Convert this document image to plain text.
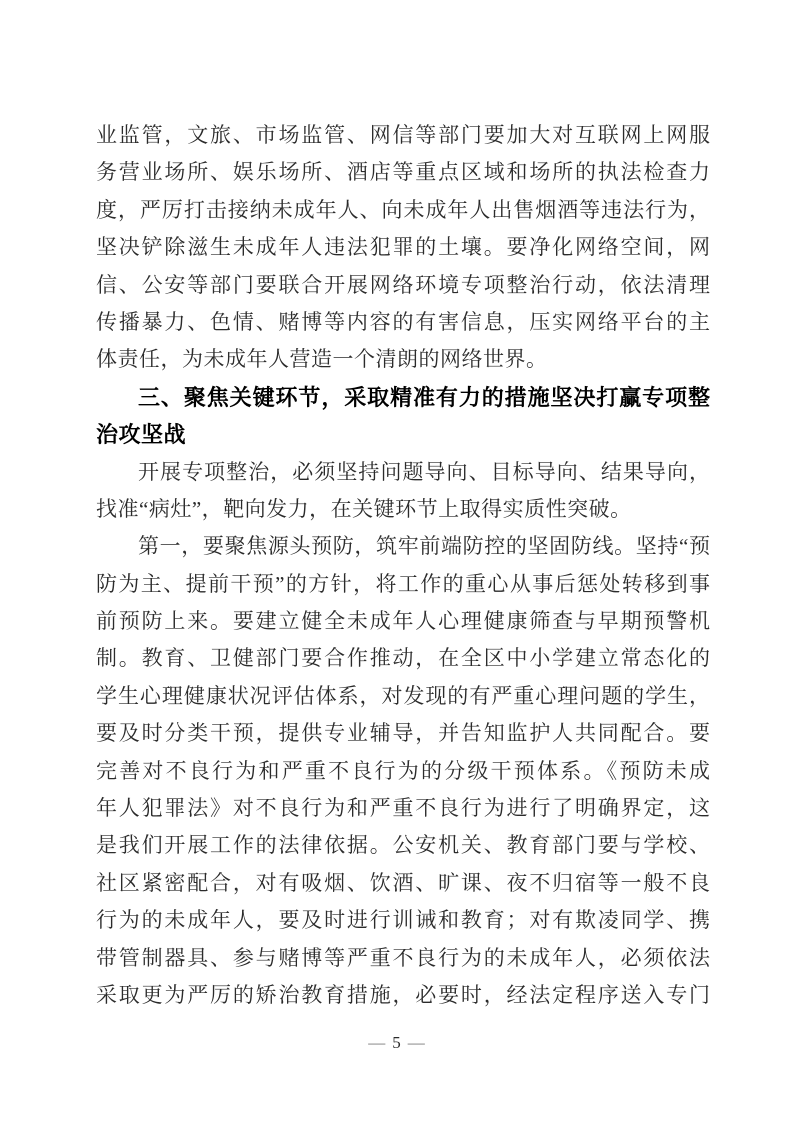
业监管，文旅、市场监管、网信等部门要加大对互联网上网服
务营业场所、娱乐场所、酒店等重点区域和场所的执法检查力
度，严厉打击接纳未成年人、向未成年人出售烟酒等违法行为，
坚决铲除滋生未成年人违法犯罪的土壤。要净化网络空间，网
信、公安等部门要联合开展网络环境专项整治行动，依法清理
传播暴力、色情、赌博等内容的有害信息，压实网络平台的主
体责任，为未成年人营造一个清朗的网络世界。
三、聚焦关键环节，采取精准有力的措施坚决打赢专项整
治攻坚战
开展专项整治，必须坚持问题导向、目标导向、结果导向，
找准“病灶”，靶向发力，在关键环节上取得实质性突破。
第一，要聚焦源头预防，筑牢前端防控的坚固防线。坚持“预
防为主、提前干预”的方针，将工作的重心从事后惩处转移到事
前预防上来。要建立健全未成年人心理健康筛查与早期预警机
制。教育、卫健部门要合作推动，在全区中小学建立常态化的
学生心理健康状况评估体系，对发现的有严重心理问题的学生，
要及时分类干预，提供专业辅导，并告知监护人共同配合。要
完善对不良行为和严重不良行为的分级干预体系。《预防未成
年人犯罪法》对不良行为和严重不良行为进行了明确界定，这
是我们开展工作的法律依据。公安机关、教育部门要与学校、
社区紧密配合，对有吸烟、饮酒、旷课、夜不归宿等一般不良
行为的未成年人，要及时进行训诫和教育；对有欺凌同学、携
带管制器具、参与赌博等严重不良行为的未成年人，必须依法
采取更为严厉的矫治教育措施，必要时，经法定程序送入专门
— 5 —
